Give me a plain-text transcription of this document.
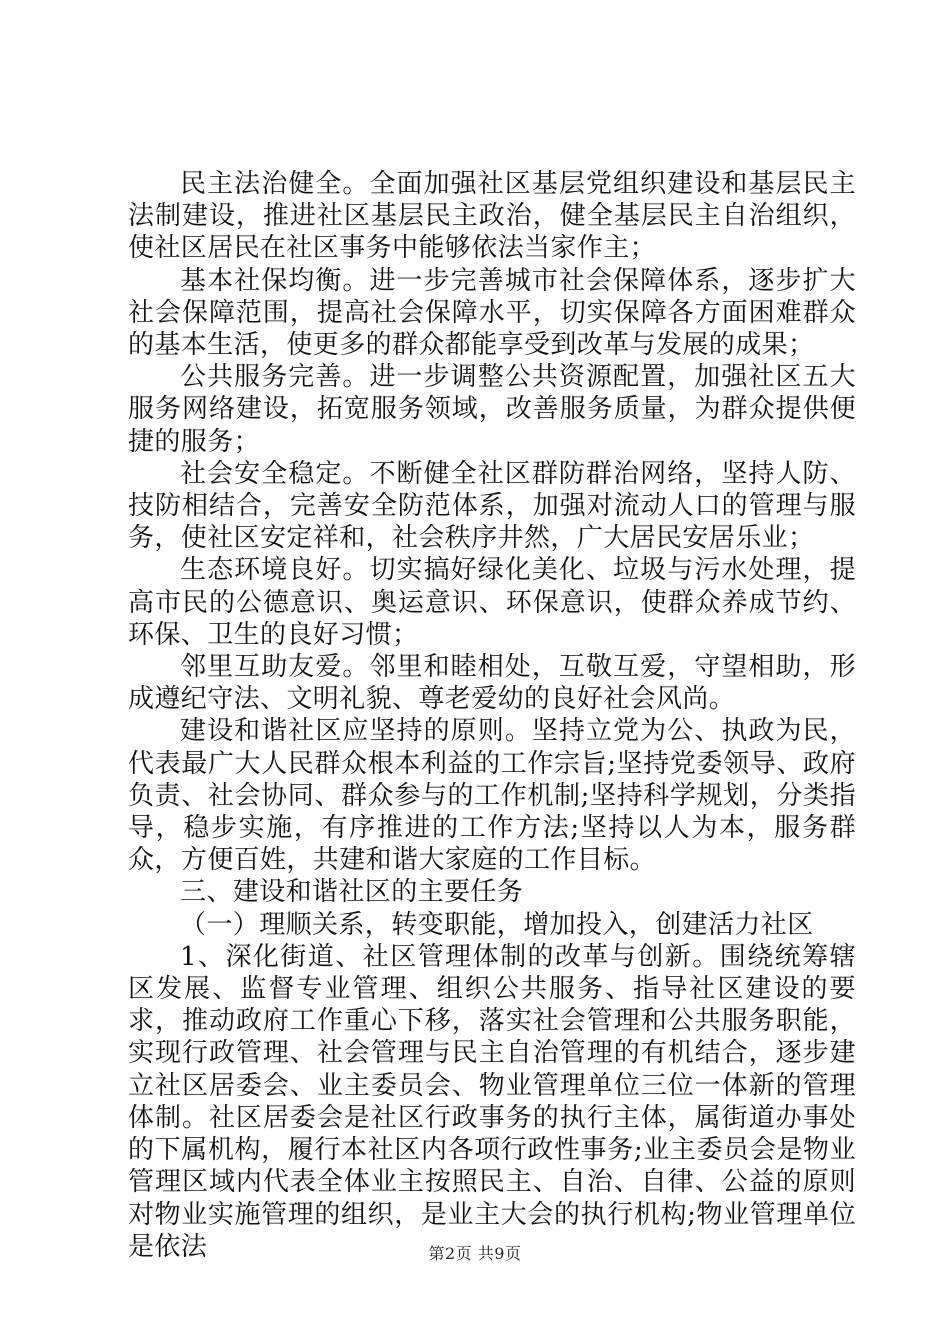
民主法治健全。全面加强社区基层党组织建设和基层民主法制建设，推进社区基层民主政治，健全基层民主自治组织，使社区居民在社区事务中能够依法当家作主；

基本社保均衡。进一步完善城市社会保障体系，逐步扩大社会保障范围，提高社会保障水平，切实保障各方面困难群众的基本生活，使更多的群众都能享受到改革与发展的成果；

公共服务完善。进一步调整公共资源配置，加强社区五大服务网络建设，拓宽服务领域，改善服务质量，为群众提供便捷的服务；

社会安全稳定。不断健全社区群防群治网络，坚持人防、技防相结合，完善安全防范体系，加强对流动人口的管理与服务，使社区安定祥和，社会秩序井然，广大居民安居乐业；

生态环境良好。切实搞好绿化美化、垃圾与污水处理，提高市民的公德意识、奥运意识、环保意识，使群众养成节约、环保、卫生的良好习惯；

邻里互助友爱。邻里和睦相处，互敬互爱，守望相助，形成遵纪守法、文明礼貌、尊老爱幼的良好社会风尚。

建设和谐社区应坚持的原则。坚持立党为公、执政为民，代表最广大人民群众根本利益的工作宗旨;坚持党委领导、政府负责、社会协同、群众参与的工作机制;坚持科学规划，分类指导，稳步实施，有序推进的工作方法;坚持以人为本，服务群众，方便百姓，共建和谐大家庭的工作目标。

三、建设和谐社区的主要任务

（一）理顺关系，转变职能，增加投入，创建活力社区

1、深化街道、社区管理体制的改革与创新。围绕统筹辖区发展、监督专业管理、组织公共服务、指导社区建设的要求，推动政府工作重心下移，落实社会管理和公共服务职能，实现行政管理、社会管理与民主自治管理的有机结合，逐步建立社区居委会、业主委员会、物业管理单位三位一体新的管理体制。社区居委会是社区行政事务的执行主体，属街道办事处的下属机构，履行本社区内各项行政性事务;业主委员会是物业管理区域内代表全体业主按照民主、自治、自律、公益的原则对物业实施管理的组织，是业主大会的执行机构;物业管理单位是依法	第2页 共9页
